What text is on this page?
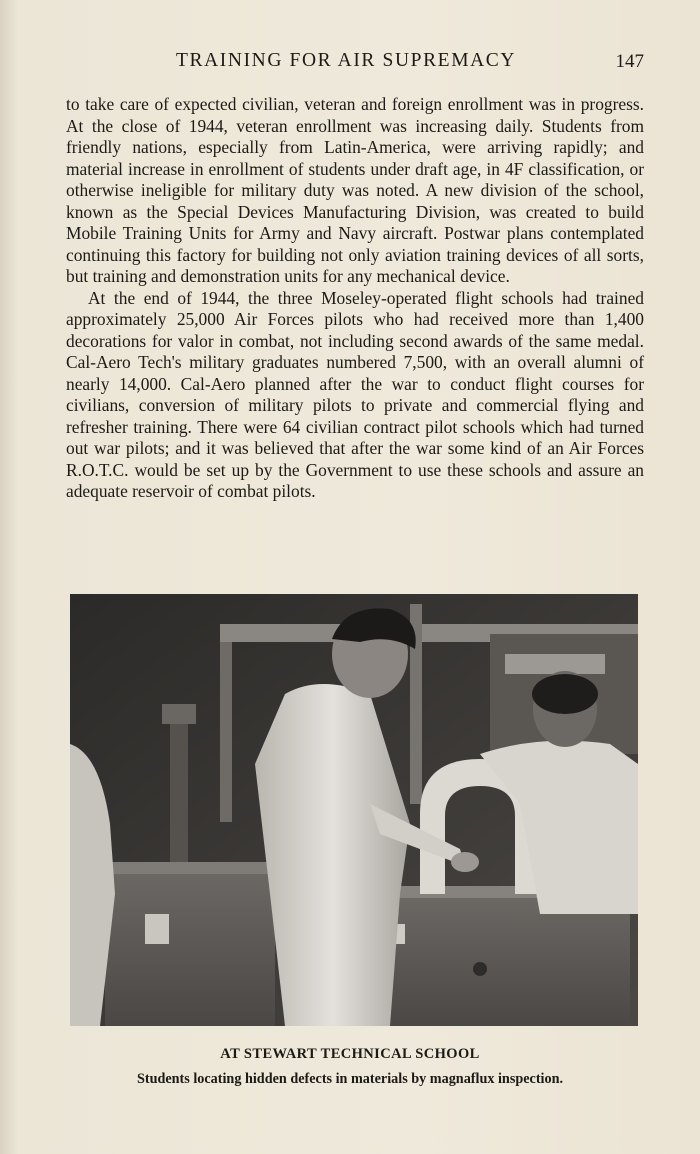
TRAINING FOR AIR SUPREMACY	147

to take care of expected civilian, veteran and foreign enrollment was in progress. At the close of 1944, veteran enrollment was increasing daily. Students from friendly nations, especially from Latin-America, were arriving rapidly; and material increase in enrollment of students under draft age, in 4F classification, or otherwise ineligible for military duty was noted. A new division of the school, known as the Special Devices Manufacturing Division, was created to build Mobile Training Units for Army and Navy aircraft. Postwar plans contemplated continuing this factory for building not only aviation training devices of all sorts, but training and demonstration units for any mechanical device.

At the end of 1944, the three Moseley-operated flight schools had trained approximately 25,000 Air Forces pilots who had received more than 1,400 decorations for valor in combat, not including second awards of the same medal. Cal-Aero Tech's military graduates numbered 7,500, with an overall alumni of nearly 14,000. Cal-Aero planned after the war to conduct flight courses for civilians, conversion of military pilots to private and commercial flying and refresher training. There were 64 civilian contract pilot schools which had turned out war pilots; and it was believed that after the war some kind of an Air Forces R.O.T.C. would be set up by the Government to use these schools and assure an adequate reservoir of combat pilots.

AT STEWART TECHNICAL SCHOOL
Students locating hidden defects in materials by magnaflux inspection.
